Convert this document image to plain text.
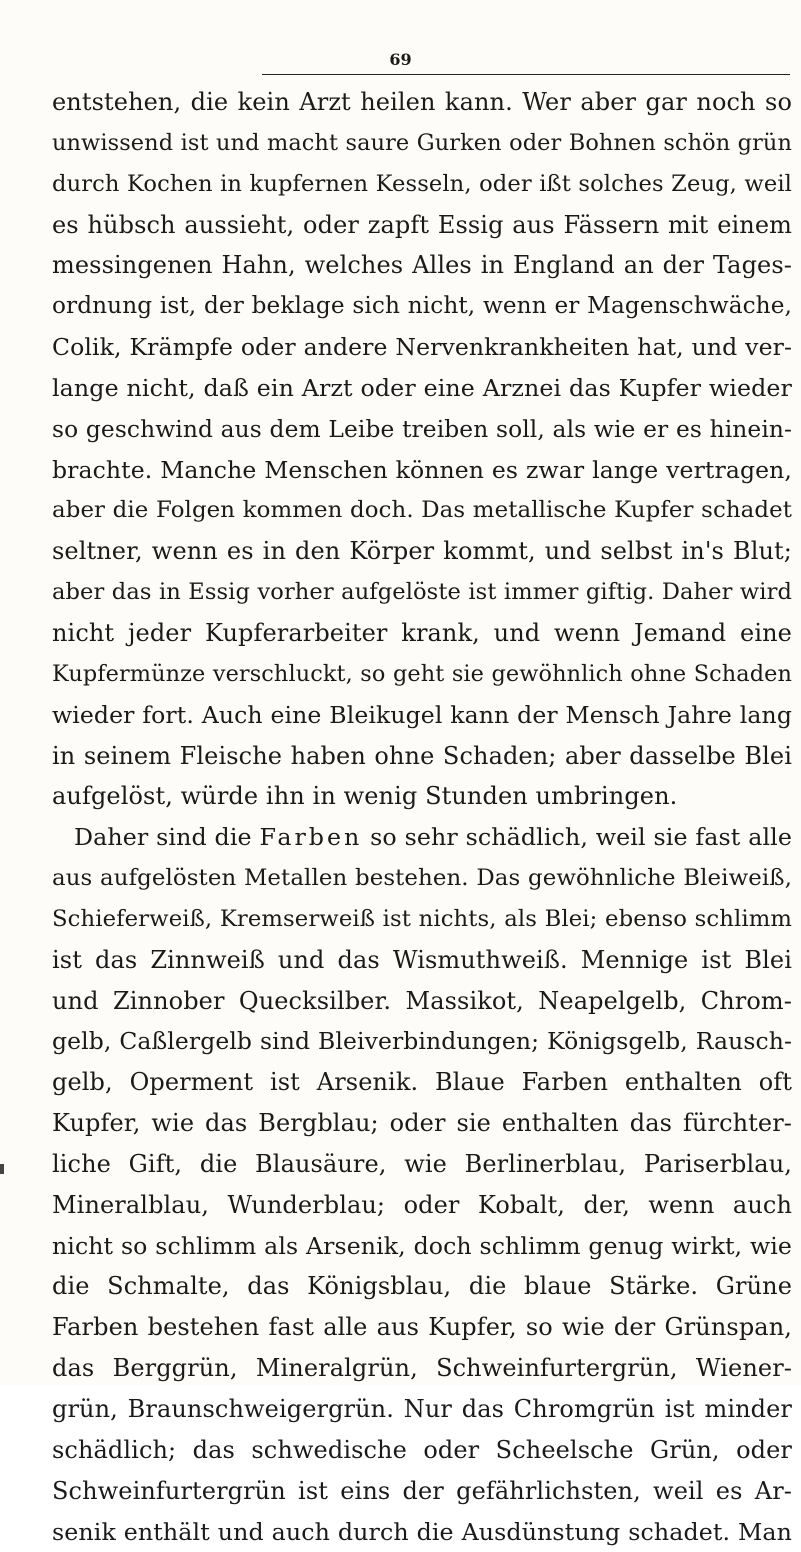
69
entstehen, die kein Arzt heilen kann. Wer aber gar noch so
unwissend ist und macht saure Gurken oder Bohnen schön grün
durch Kochen in kupfernen Kesseln, oder ißt solches Zeug, weil
es hübsch aussieht, oder zapft Essig aus Fässern mit einem
messingenen Hahn, welches Alles in England an der Tages-
ordnung ist, der beklage sich nicht, wenn er Magenschwäche,
Colik, Krämpfe oder andere Nervenkrankheiten hat, und ver-
lange nicht, daß ein Arzt oder eine Arznei das Kupfer wieder
so geschwind aus dem Leibe treiben soll, als wie er es hinein-
brachte. Manche Menschen können es zwar lange vertragen,
aber die Folgen kommen doch. Das metallische Kupfer schadet
seltner, wenn es in den Körper kommt, und selbst in's Blut;
aber das in Essig vorher aufgelöste ist immer giftig. Daher wird
nicht jeder Kupferarbeiter krank, und wenn Jemand eine
Kupfermünze verschluckt, so geht sie gewöhnlich ohne Schaden
wieder fort. Auch eine Bleikugel kann der Mensch Jahre lang
in seinem Fleische haben ohne Schaden; aber dasselbe Blei
aufgelöst, würde ihn in wenig Stunden umbringen.
Daher sind die Farben so sehr schädlich, weil sie fast alle
aus aufgelösten Metallen bestehen. Das gewöhnliche Bleiweiß,
Schieferweiß, Kremserweiß ist nichts, als Blei; ebenso schlimm
ist das Zinnweiß und das Wismuthweiß. Mennige ist Blei
und Zinnober Quecksilber. Massikot, Neapelgelb, Chrom-
gelb, Caßlergelb sind Bleiverbindungen; Königsgelb, Rausch-
gelb, Operment ist Arsenik. Blaue Farben enthalten oft
Kupfer, wie das Bergblau; oder sie enthalten das fürchter-
liche Gift, die Blausäure, wie Berlinerblau, Pariserblau,
Mineralblau, Wunderblau; oder Kobalt, der, wenn auch
nicht so schlimm als Arsenik, doch schlimm genug wirkt, wie
die Schmalte, das Königsblau, die blaue Stärke. Grüne
Farben bestehen fast alle aus Kupfer, so wie der Grünspan,
das Berggrün, Mineralgrün, Schweinfurtergrün, Wiener-
grün, Braunschweigergrün. Nur das Chromgrün ist minder
schädlich; das schwedische oder Scheelsche Grün, oder
Schweinfurtergrün ist eins der gefährlichsten, weil es Ar-
senik enthält und auch durch die Ausdünstung schadet. Man
